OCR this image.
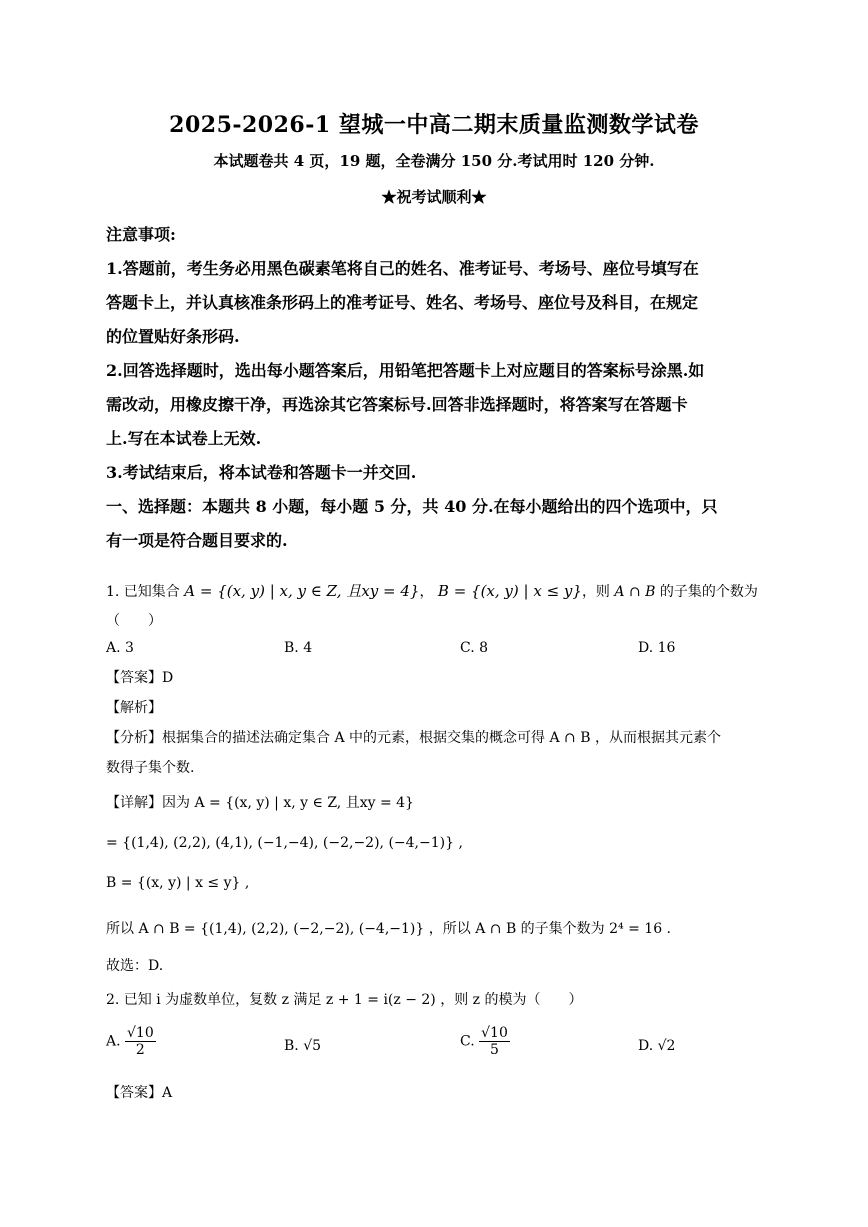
2025-2026-1 望城一中高二期末质量监测数学试卷
本试题卷共 4 页，19 题，全卷满分 150 分.考试用时 120 分钟.
★祝考试顺利★
注意事项:
1.答题前，考生务必用黑色碳素笔将自己的姓名、准考证号、考场号、座位号填写在
答题卡上，并认真核准条形码上的准考证号、姓名、考场号、座位号及科目，在规定
的位置贴好条形码.
2.回答选择题时，选出每小题答案后，用铅笔把答题卡上对应题目的答案标号涂黑.如
需改动，用橡皮擦干净，再选涂其它答案标号.回答非选择题时，将答案写在答题卡
上.写在本试卷上无效.
3.考试结束后，将本试卷和答题卡一并交回.
一、选择题：本题共 8 小题，每小题 5 分，共 40 分.在每小题给出的四个选项中，只
有一项是符合题目要求的.
1. 已知集合 A = {(x, y) | x, y ∈ Z, 且xy = 4}， B = {(x, y) | x ≤ y}，则 A ∩ B 的子集的个数为
（　　）
A. 3	B. 4	C. 8	D. 16
【答案】D
【解析】
【分析】根据集合的描述法确定集合 A 中的元素，根据交集的概念可得 A ∩ B ，从而根据其元素个
数得子集个数.
【详解】因为 A = {(x, y) | x, y ∈ Z, 且xy = 4}
= {(1,4), (2,2), (4,1), (−1,−4), (−2,−2), (−4,−1)} ,
B = {(x, y) | x ≤ y} ,
所以 A ∩ B = {(1,4), (2,2), (−2,−2), (−4,−1)} ，所以 A ∩ B 的子集个数为 2⁴ = 16 .
故选：D.
2. 已知 i 为虚数单位，复数 z 满足 z + 1 = i(z − 2) ，则 z 的模为（　　）
A. $\frac{√10}{2}$	B. √5	C. $\frac{√10}{5}$	D. √2
【答案】A
